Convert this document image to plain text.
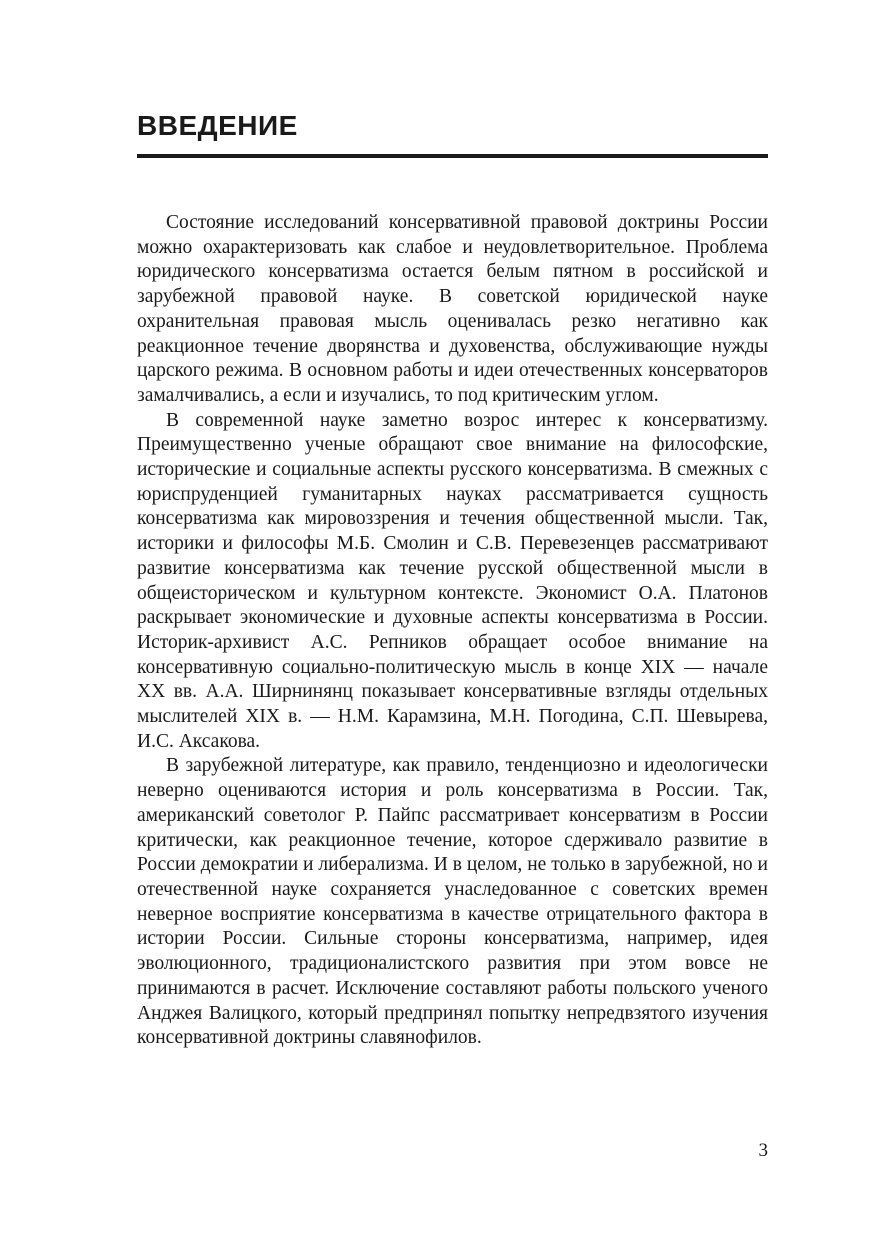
ВВЕДЕНИЕ

Состояние исследований консервативной правовой доктрины России можно охарактеризовать как слабое и неудовлетворительное. Проблема юридического консерватизма остается белым пятном в российской и зарубежной правовой науке. В советской юридической науке охранительная правовая мысль оценивалась резко негативно как реакционное течение дворянства и духовенства, обслуживающие нужды царского режима. В основном работы и идеи отечественных консерваторов замалчивались, а если и изучались, то под критическим углом.

В современной науке заметно возрос интерес к консерватизму. Преимущественно ученые обращают свое внимание на философские, исторические и социальные аспекты русского консерватизма. В смежных с юриспруденцией гуманитарных науках рассматривается сущность консерватизма как мировоззрения и течения общественной мысли. Так, историки и философы М.Б. Смолин и С.В. Перевезенцев рассматривают развитие консерватизма как течение русской общественной мысли в общеисторическом и культурном контексте. Экономист О.А. Платонов раскрывает экономические и духовные аспекты консерватизма в России. Историк-архивист А.С. Репников обращает особое внимание на консервативную социально-политическую мысль в конце XIX — начале XX вв. А.А. Ширнинянц показывает консервативные взгляды отдельных мыслителей XIX в. — Н.М. Карамзина, М.Н. Погодина, С.П. Шевырева, И.С. Аксакова.

В зарубежной литературе, как правило, тенденциозно и идеологически неверно оцениваются история и роль консерватизма в России. Так, американский советолог Р. Пайпс рассматривает консерватизм в России критически, как реакционное течение, которое сдерживало развитие в России демократии и либерализма. И в целом, не только в зарубежной, но и отечественной науке сохраняется унаследованное с советских времен неверное восприятие консерватизма в качестве отрицательного фактора в истории России. Сильные стороны консерватизма, например, идея эволюционного, традиционалистского развития при этом вовсе не принимаются в расчет. Исключение составляют работы польского ученого Анджея Валицкого, который предпринял попытку непредвзятого изучения консервативной доктрины славянофилов.

3
